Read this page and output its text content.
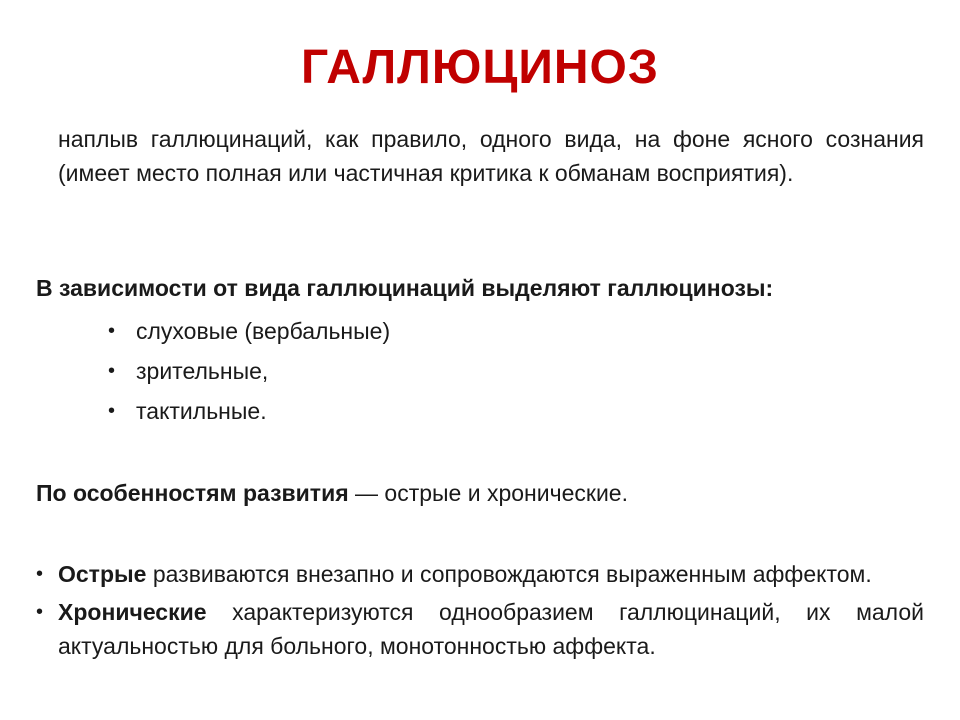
ГАЛЛЮЦИНОЗ
наплыв галлюцинаций, как правило, одного вида, на фоне ясного сознания (имеет место полная или частичная критика к обманам восприятия).
В зависимости от вида галлюцинаций выделяют галлюцинозы:
• слуховые (вербальные)
• зрительные,
• тактильные.
По особенностям развития — острые и хронические.
• Острые развиваются внезапно и сопровождаются выраженным аффектом.
• Хронические характеризуются однообразием галлюцинаций, их малой актуальностью для больного, монотонностью аффекта.
